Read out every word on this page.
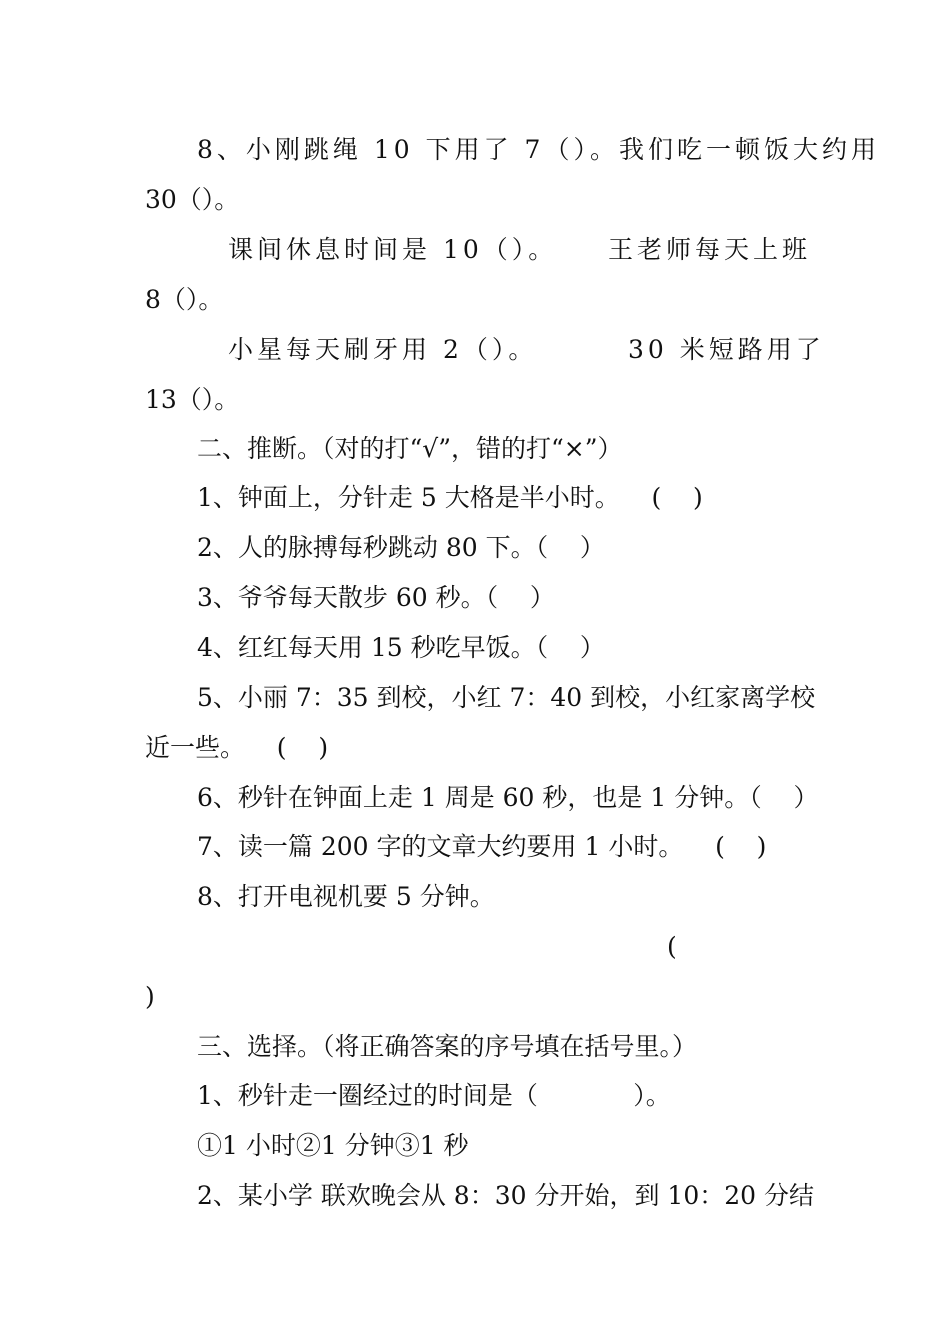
8、小刚跳绳 10 下用了 7（）。我们吃一顿饭大约用
30（）。
课间休息时间是 10（）。 王老师每天上班
8（）。
小星每天刷牙用 2（）。	30 米短路用了
13（）。
二、推断。（对的打“√”，错的打“×”）
1、钟面上，分针走 5 大格是半小时。    (    )
2、人的脉搏每秒跳动 80 下。（    ）
3、爷爷每天散步 60 秒。（    ）
4、红红每天用 15 秒吃早饭。（    ）
5、小丽 7：35 到校，小红 7：40 到校，小红家离学校
近一些。    (    )
6、秒针在钟面上走 1 周是 60 秒，也是 1 分钟。（    ）
7、读一篇 200 字的文章大约要用 1 小时。    (    )
8、打开电视机要 5 分钟。
(
)
三、选择。（将正确答案的序号填在括号里。）
1、秒针走一圈经过的时间是（            ）。
①1 小时②1 分钟③1 秒
2、某小学 联欢晚会从 8：30 分开始，到 10：20 分结
